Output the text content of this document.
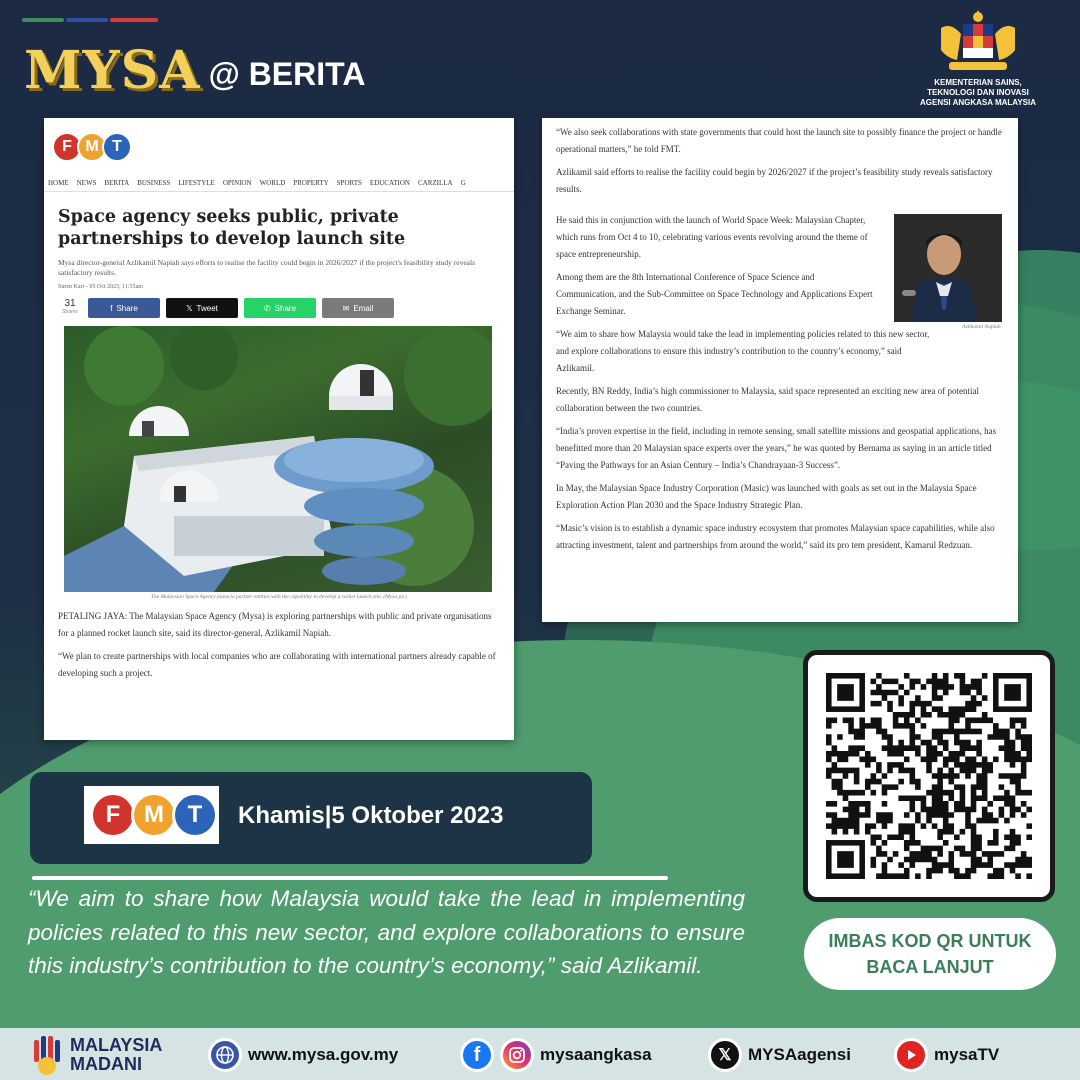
MYSA @ BERITA	KEMENTERIAN SAINS,
TEKNOLOGI DAN INOVASI
AGENSI ANGKASA MALAYSIA
F M T
HOME NEWS BERITA BUSINESS LIFESTYLE OPINION WORLD PROPERTY SPORTS EDUCATION CARZILLA G
Space agency seeks public, private partnerships to develop launch site
Mysa director-general Azlikamil Napiah says efforts to realise the facility could begin in 2026/2027 if the project's feasibility study reveals satisfactory results.
Suren Karr - 05 Oct 2023, 11:55am
31
Shares	f Share	𝕏 Tweet	✆ Share	✉ Email
The Malaysian Space Agency plans to partner entities with the capability to develop a rocket launch site. (Mysa pic)

PETALING JAYA: The Malaysian Space Agency (Mysa) is exploring partnerships with public and private organisations for a planned rocket launch site, said its director-general, Azlikamil Napiah.

“We plan to create partnerships with local companies who are collaborating with international partners already capable of developing such a project.

“We also seek collaborations with state governments that could host the launch site to possibly finance the project or handle operational matters,” he told FMT.

Azlikamil said efforts to realise the facility could begin by 2026/2027 if the project’s feasibility study reveals satisfactory results.

Azlikamil Napiah.

He said this in conjunction with the launch of World Space Week: Malaysian Chapter, which runs from Oct 4 to 10, celebrating various events revolving around the theme of space entrepreneurship.

Among them are the 8th International Conference of Space Science and Communication, and the Sub-Committee on Space Technology and Applications Expert Exchange Seminar.

“We aim to share how Malaysia would take the lead in implementing policies related to this new sector, and explore collaborations to ensure this industry’s contribution to the country’s economy,” said Azlikamil.

Recently, BN Reddy, India’s high commissioner to Malaysia, said space represented an exciting new area of potential collaboration between the two countries.

“India’s proven expertise in the field, including in remote sensing, small satellite missions and geospatial applications, has benefitted more than 20 Malaysian space experts over the years,” he was quoted by Bernama as saying in an article titled “Paving the Pathways for an Asian Century – India’s Chandrayaan-3 Success”.

In May, the Malaysian Space Industry Corporation (Masic) was launched with goals as set out in the Malaysia Space Exploration Action Plan 2030 and the Space Industry Strategic Plan.

“Masic’s vision is to establish a dynamic space industry ecosystem that promotes Malaysian space capabilities, while also attracting investment, talent and partnerships from around the world,” said its pro tem president, Kamarul Redzuan.

F M T	Khamis|5 Oktober 2023
“We aim to share how Malaysia would take the lead in implementing policies related to this new sector, and explore collaborations to ensure this industry’s contribution to the country’s economy,” said Azlikamil.
IMBAS KOD QR UNTUK BACA LANJUT
MALAYSIA
MADANI	www.mysa.gov.my	f	mysaangkasa	𝕏 MYSAagensi	mysaTV
